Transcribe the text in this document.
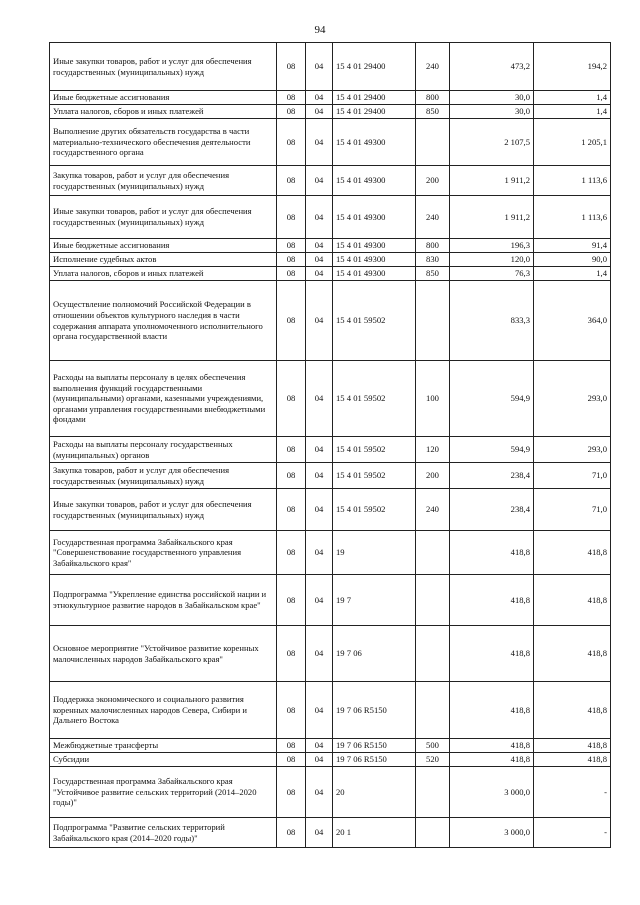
94
Иные закупки товаров, работ и услуг для обеспечения государственных (муниципальных) нужд	08	04	15 4 01 29400	240	473,2	194,2
Иные бюджетные ассигнования	08	04	15 4 01 29400	800	30,0	1,4
Уплата налогов, сборов и иных платежей	08	04	15 4 01 29400	850	30,0	1,4
Выполнение других обязательств государства в части материально-технического обеспечения деятельности государственного органа	08	04	15 4 01 49300		2 107,5	1 205,1
Закупка товаров, работ и услуг для обеспечения государственных (муниципальных) нужд	08	04	15 4 01 49300	200	1 911,2	1 113,6
Иные закупки товаров, работ и услуг для обеспечения государственных (муниципальных) нужд	08	04	15 4 01 49300	240	1 911,2	1 113,6
Иные бюджетные ассигнования	08	04	15 4 01 49300	800	196,3	91,4
Исполнение судебных актов	08	04	15 4 01 49300	830	120,0	90,0
Уплата налогов, сборов и иных платежей	08	04	15 4 01 49300	850	76,3	1,4
Осуществление полномочий Российской Федерации в отношении объектов культурного наследия в части содержания аппарата уполномоченного исполнительного органа государственной власти	08	04	15 4 01 59502		833,3	364,0
Расходы на выплаты персоналу в целях обеспечения выполнения функций государственными (муниципальными) органами, казенными учреждениями, органами управления государственными внебюджетными фондами	08	04	15 4 01 59502	100	594,9	293,0
Расходы на выплаты персоналу государственных (муниципальных) органов	08	04	15 4 01 59502	120	594,9	293,0
Закупка товаров, работ и услуг для обеспечения государственных (муниципальных) нужд	08	04	15 4 01 59502	200	238,4	71,0
Иные закупки товаров, работ и услуг для обеспечения государственных (муниципальных) нужд	08	04	15 4 01 59502	240	238,4	71,0
Государственная программа Забайкальского края "Совершенствование государственного управления Забайкальского края"	08	04	19		418,8	418,8
Подпрограмма "Укрепление единства российской нации и этнокультурное развитие народов в Забайкальском крае"	08	04	19 7		418,8	418,8
Основное мероприятие "Устойчивое развитие коренных малочисленных народов Забайкальского края"	08	04	19 7 06		418,8	418,8
Поддержка экономического и социального развития коренных малочисленных народов Севера, Сибири и Дальнего Востока	08	04	19 7 06 R5150		418,8	418,8
Межбюджетные трансферты	08	04	19 7 06 R5150	500	418,8	418,8
Субсидии	08	04	19 7 06 R5150	520	418,8	418,8
Государственная программа Забайкальского края "Устойчивое развитие сельских территорий (2014–2020 годы)"	08	04	20		3 000,0	-
Подпрограмма "Развитие сельских территорий Забайкальского края (2014–2020 годы)"	08	04	20 1		3 000,0	-
